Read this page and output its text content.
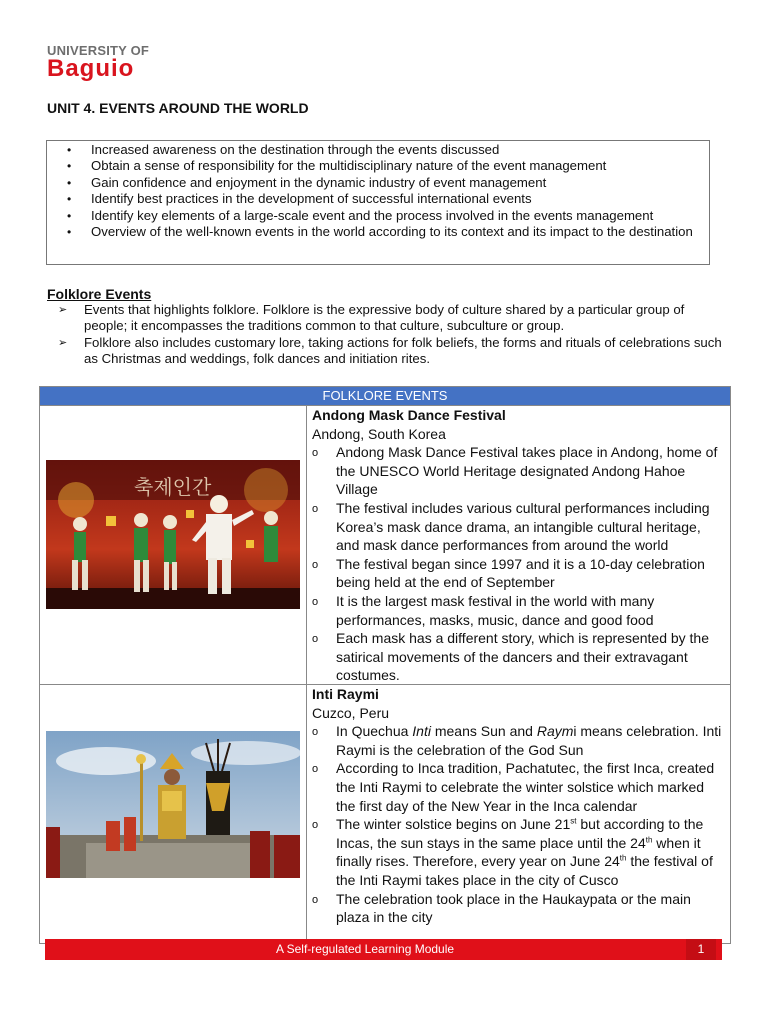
UNIVERSITY OF
Baguio
UNIT 4. EVENTS AROUND THE WORLD
• Increased awareness on the destination through the events discussed
• Obtain a sense of responsibility for the multidisciplinary nature of the event management
• Gain confidence and enjoyment in the dynamic industry of event management
• Identify best practices in the development of successful international events
• Identify key elements of a large-scale event and the process involved in the events management
• Overview of the well-known events in the world according to its context and its impact to the destination
Folklore Events
➢ Events that highlights folklore. Folklore is the expressive body of culture shared by a particular group of people; it encompasses the traditions common to that culture, subculture or group.
➢ Folklore also includes customary lore, taking actions for folk beliefs, the forms and rituals of celebrations such as Christmas and weddings, folk dances and initiation rites.
FOLKLORE EVENTS
축제인간
Andong Mask Dance Festival
Andong, South Korea
o Andong Mask Dance Festival takes place in Andong, home of the UNESCO World Heritage designated Andong Hahoe Village
o The festival includes various cultural performances including Korea’s mask dance drama, an intangible cultural heritage, and mask dance performances from around the world
o The festival began since 1997 and it is a 10-day celebration being held at the end of September
o It is the largest mask festival in the world with many performances, masks, music, dance and good food
o Each mask has a different story, which is represented by the satirical movements of the dancers and their extravagant costumes.
Inti Raymi
Cuzco, Peru
o In Quechua Inti means Sun and Raymi means celebration. Inti Raymi is the celebration of the God Sun
o According to Inca tradition, Pachatutec, the first Inca, created the Inti Raymi to celebrate the winter solstice which marked the first day of the New Year in the Inca calendar
o The winter solstice begins on June 21st but according to the Incas, the sun stays in the same place until the 24th when it finally rises. Therefore, every year on June 24th the festival of the Inti Raymi takes place in the city of Cusco
o The celebration took place in the Haukaypata or the main plaza in the city
A Self-regulated Learning Module	1
